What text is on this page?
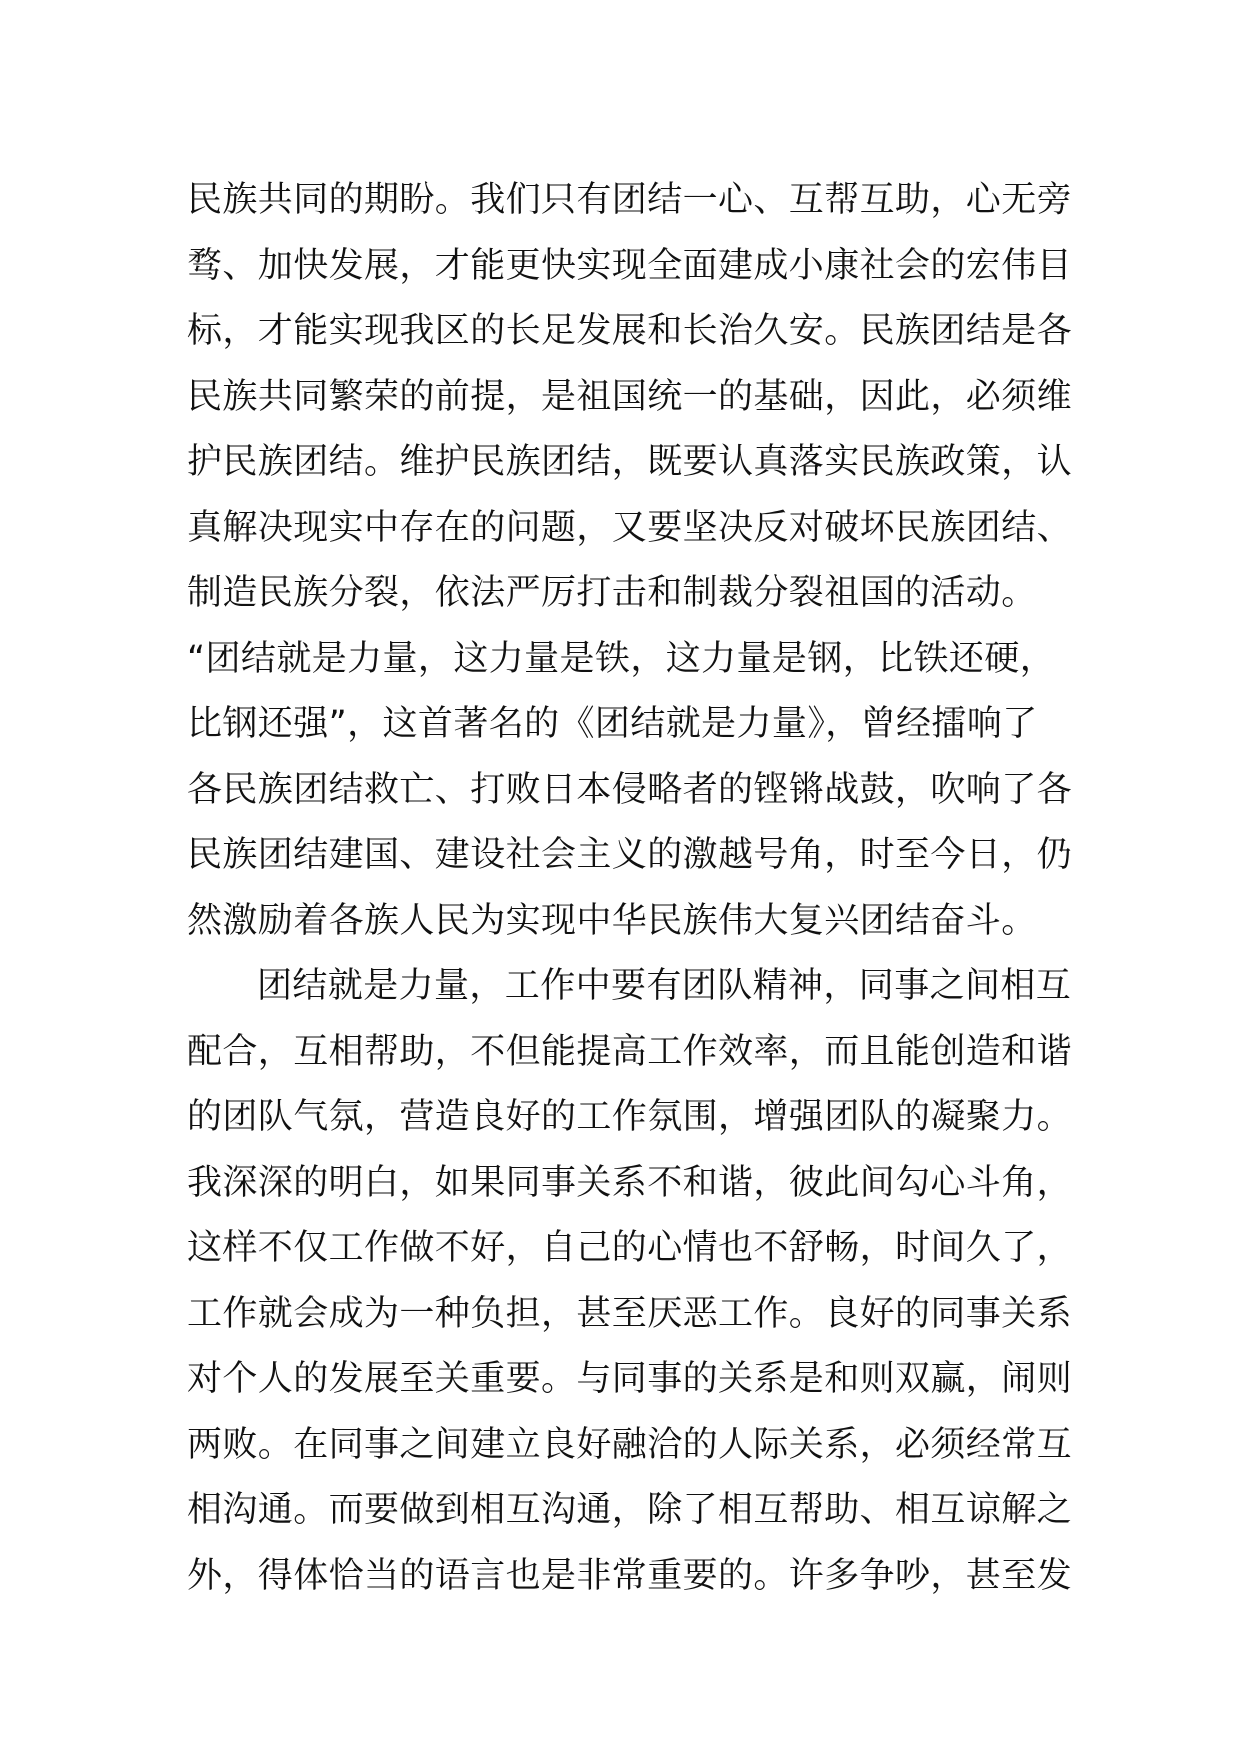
民族共同的期盼。我们只有团结一心、互帮互助，心无旁
骛、加快发展，才能更快实现全面建成小康社会的宏伟目
标，才能实现我区的长足发展和长治久安。民族团结是各
民族共同繁荣的前提，是祖国统一的基础，因此，必须维
护民族团结。维护民族团结，既要认真落实民族政策，认
真解决现实中存在的问题，又要坚决反对破坏民族团结、
制造民族分裂，依法严厉打击和制裁分裂祖国的活动。
“团结就是力量，这力量是铁，这力量是钢，比铁还硬，
比钢还强”，这首著名的《团结就是力量》，曾经擂响了
各民族团结救亡、打败日本侵略者的铿锵战鼓，吹响了各
民族团结建国、建设社会主义的激越号角，时至今日，仍
然激励着各族人民为实现中华民族伟大复兴团结奋斗。
团结就是力量，工作中要有团队精神，同事之间相互
配合，互相帮助，不但能提高工作效率，而且能创造和谐
的团队气氛，营造良好的工作氛围，增强团队的凝聚力。
我深深的明白，如果同事关系不和谐，彼此间勾心斗角，
这样不仅工作做不好，自己的心情也不舒畅，时间久了，
工作就会成为一种负担，甚至厌恶工作。良好的同事关系
对个人的发展至关重要。与同事的关系是和则双赢，闹则
两败。在同事之间建立良好融洽的人际关系，必须经常互
相沟通。而要做到相互沟通，除了相互帮助、相互谅解之
外，得体恰当的语言也是非常重要的。许多争吵，甚至发
